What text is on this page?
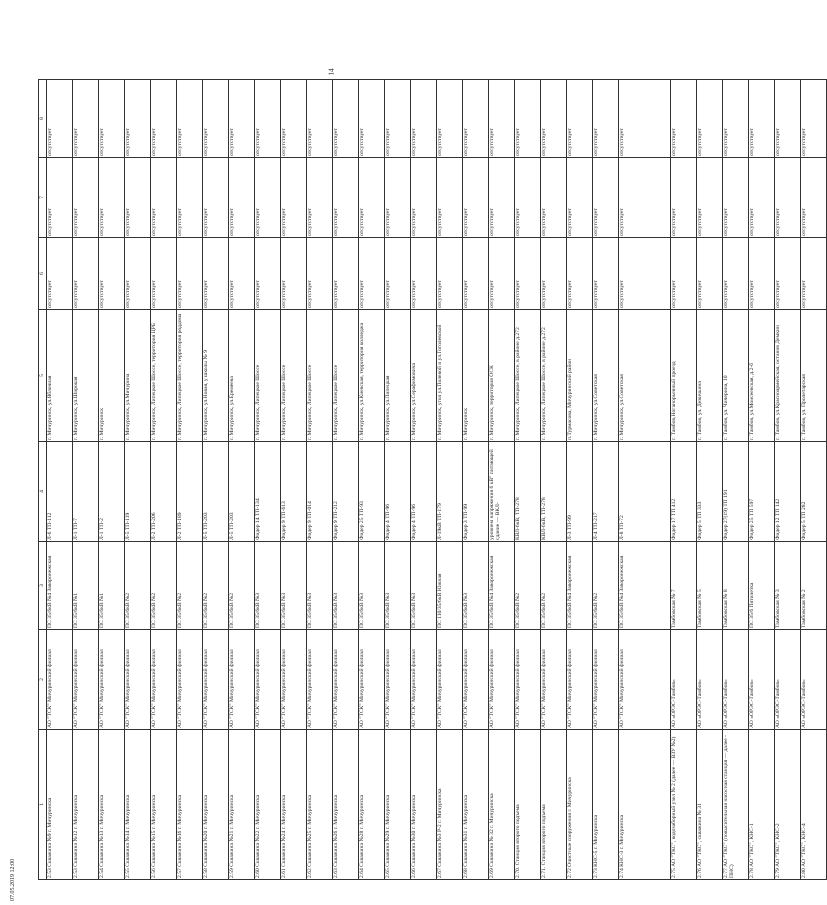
14
1	2	3	4	5	6	7	8
2.53 Скважина №9 г. Мичуринска	АО "ТСК" Мичуринский филиал	ПС 35/6кВ №4 Заворонежская	Л-6 ТП-112	г. Мичуринск, ул.Яблочная	отсутствует	отсутствует	отсутствует
2.53 Скважина №12 г. Мичуринска	АО "ТСК" Мичуринский филиал	ПС 35/6кВ №1	Л-1 ТП-7	г. Мичуринск, ул.Широкая	отсутствует	отсутствует	отсутствует
2.54 Скважина №13 г. Мичуринска	АО "ТСК" Мичуринский филиал	ПС 35/6кВ №1	Л-1 ТП-2	г. Мичуринск	отсутствует	отсутствует	отсутствует
2.55 Скважина №14 г. Мичуринска	АО "ТСК" Мичуринский филиал	ПС 35/6кВ №2	Л-5 ТП-119	г. Мичуринск, ул.Мичурина	отсутствует	отсутствует	отсутствует
2.56 Скважина №15 г. Мичуринска	АО "ТСК" Мичуринский филиал	ПС 35/6кВ №2	Л-2 ТП-206	г. Мичуринск, Липецкое Шоссе, территория ЦРБ	отсутствует	отсутствует	отсутствует
2.57 Скважина №16 г. Мичуринска	АО "ТСК" Мичуринский филиал	ПС 35/6кВ №2	Л-2 ТП-189	г. Мичуринск, Липецкое Шоссе, территория роддома	отсутствует	отсутствует	отсутствует
2.58 Скважина №20 г. Мичуринска	АО "ТСК" Мичуринский филиал	ПС 35/6кВ №2	Л-5 ТП-203	г. Мичуринск, ул.Новая, у школы № 9	отсутствует	отсутствует	отсутствует
2.59 Скважина №21 г. Мичуринска	АО "ТСК" Мичуринский филиал	ПС 35/6кВ №2	Л-5 ТП-203	г. Мичуринск, ул.Еремеева	отсутствует	отсутствует	отсутствует
2.60 Скважина №22 г. Мичуринска	АО "ТСК" Мичуринский филиал	ПС 35/6кВ №3	Фидер 14 ТП-134	г. Мичуринск, Липецкое Шоссе	отсутствует	отсутствует	отсутствует
2.61 Скважина №24 г. Мичуринска	АО "ТСК" Мичуринский филиал	ПС 35/6кВ №3	Фидер 9 ТП-613	г. Мичуринск, Липецкое Шоссе	отсутствует	отсутствует	отсутствует
2.62 Скважина №25 г. Мичуринска	АО "ТСК" Мичуринский филиал	ПС 35/6кВ №3	Фидер 9 ТП-014	г. Мичуринск, Липецкое Шоссе	отсутствует	отсутствует	отсутствует
2.63 Скважина №26 г. Мичуринска	АО "ТСК" Мичуринский филиал	ПС 35/6кВ №3	Фидер 9 ТП-212	г. Мичуринск, Липецкое Шоссе	отсутствует	отсутствует	отсутствует
2.64 Скважина №28 г. Мичуринска	АО "ТСК" Мичуринский филиал	ПС 35/6кВ №3	Фидер 25 ТП-93	г. Мичуринск, ул.Киевская, территория колледжа	отсутствует	отсутствует	отсутствует
2.65 Скважина №29 г. Мичуринска	АО "ТСК" Мичуринский филиал	ПС 35/6кВ №3	Фидер 4 ТП-96	г. Мичуринск, ул.Липецкая	отсутствует	отсутствует	отсутствует
2.66 Скважина №30 г. Мичуринска	АО "ТСК" Мичуринский филиал	ПС 35/6кВ №3	Фидер 4 ТП-96	г. Мичуринск, ул.Серафимовича	отсутствует	отсутствует	отсутствует
2.67 Скважина №3 Р-2 г. Мичуринска	АО "ТСК" Мичуринский филиал	ПС 110/35/6кВ Южная	Л-19кВ ТП-179	г. Мичуринск, угол ул.Полевой и ул.Гоголевской	отсутствует	отсутствует	отсутствует
2.68 Скважина №31 г. Мичуринска	АО "ТСК" Мичуринский филиал	ПС 35/6кВ №3	Фидер 3 ТП-99	г. Мичуринск	отсутствует	отсутствует	отсутствует
2.69 Скважина № 32 г. Мичуринска	АО "ТСК" Мичуринский филиал	ПС 35/6кВ №4 Заворонежская	уровнем напряжения 6 кВ" питающей сдание — ВКЛ-	г. Мичуринск, территория ОСК	отсутствует	отсутствует	отсутствует
2.70. Станция второго подъема	АО "ТСК" Мичуринский филиал	ПС 35/6кВ №2	КВЛ-6кВ, ТП-278	г. Мичуринск, Липецкое Шоссе, в районе д.272	отсутствует	отсутствует	отсутствует
2.71. Станция второго подъема	АО "ТСК" Мичуринский филиал	ПС 35/6кВ №2	КВЛ-6кВ, ТП-278	г. Мичуринск, Липецкое Шоссе, в районе д.272	отсутствует	отсутствует	отсутствует
2.72 Очистные сооружения г. Мичуринска	АО "ТСК" Мичуринский филиал	ПС 35/6кВ №4 Заворонежская	Л-3 ТП-99	п.Турмасова, Мичуринский район	отсутствует	отсутствует	отсутствует
2.73 КНС-5 г. Мичуринска	АО "ТСК" Мичуринский филиал	ПС 35/6кВ №2	Л-4 ТП-217	г. Мичуринск, ул.Советская	отсутствует	отсутствует	отсутствует
2.74 КНС-3 г. Мичуринска	АО "ТСК" Мичуринский филиал	ПС 35/6кВ №4 Заворонежская	Л-8 ТП-72	г. Мичуринск, ул.Советская	отсутствует	отсутствует	отсутствует
2.75 АО "ТКС", водозаборный узел № 2 (далее — ВЗУ №2)	АО «ОРЭС-Тамбов»	Тамбовская № 7	Фидер 17 ТП 412	г. Тамбов,Ноганорьевный проезд	отсутствует	отсутствует	отсутствует
2.76 АО "ТКС", скважина № 31	АО «ОРЭС-Тамбов»	Тамбовская № 5	Фидер 5 ТП 333	г. Тамбов, ул. Девичьина	отсутствует	отсутствует	отсутствует
2.77 АО "ТКС" (повысительная насосная станция — далее - ПНС)	АО «ОРЭС-Тамбов»	Тамбовская № 8	Фидер 27(19) ТП 191	г. Тамбов, ул. Чичерина, 10	отсутствует	отсутствует	отсутствует
2.78 АО "ТКС", КНС-1	АО «ОРЭС-Тамбов»	ПС 35/6 Пятилетка	Фидер 25 ТП 597	г. Тамбов, ул.Моисеевская, д.2-б	отсутствует	отсутствует	отсутствует
2.79 АО "ТКС", КНС-2	АО «ОРЭС-Тамбов»	Тамбовская № 3	Фидер 12 ТП 142	г. Тамбов, ул.Красноармейская, останов Демкин	отсутствует	отсутствует	отсутствует
2.80 АО "ТКС", КНС-4	АО «ОРЭС-Тамбов»	Тамбовская № 2	Фидер 5 ТП 282	г. Тамбов, ул. Пролетарская	отсутствует	отсутствует	отсутствует
07.05.2019 12:00
